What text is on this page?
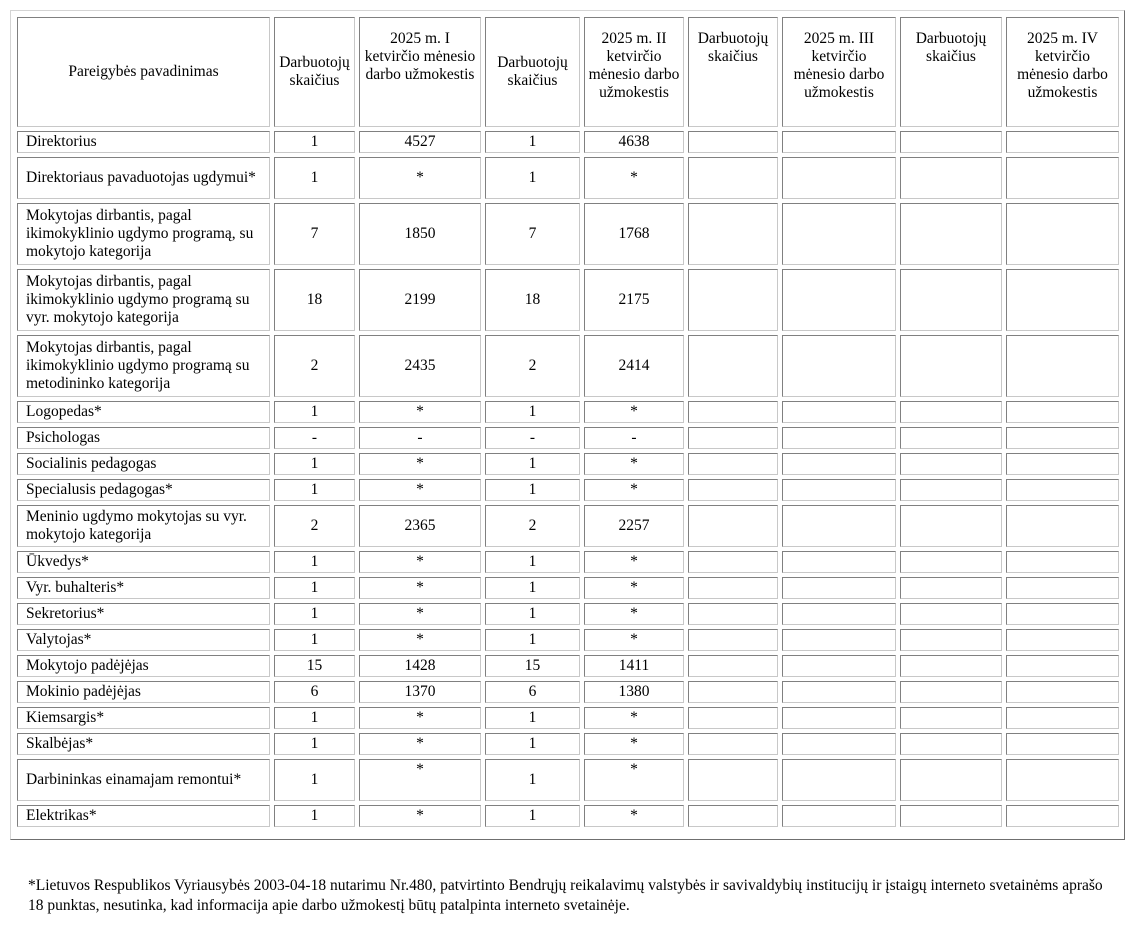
Pareigybės pavadinimas	Darbuotojų skaičius	2025 m. I ketvirčio mėnesio darbo užmokestis	Darbuotojų skaičius	2025 m. II ketvirčio mėnesio darbo užmokestis	Darbuotojų skaičius	2025 m. III ketvirčio mėnesio darbo užmokestis	Darbuotojų skaičius	2025 m. IV ketvirčio mėnesio darbo užmokestis
Direktorius	1	4527	1	4638				
Direktoriaus pavaduotojas ugdymui*	1	*	1	*				
Mokytojas dirbantis, pagal ikimokyklinio ugdymo programą, su mokytojo kategorija	7	1850	7	1768				
Mokytojas dirbantis, pagal ikimokyklinio ugdymo programą su vyr. mokytojo kategorija	18	2199	18	2175				
Mokytojas dirbantis, pagal ikimokyklinio ugdymo programą su metodininko kategorija	2	2435	2	2414				
Logopedas*	1	*	1	*				
Psichologas	-	-	-	-				
Socialinis pedagogas	1	*	1	*				
Specialusis pedagogas*	1	*	1	*				
Meninio ugdymo mokytojas su vyr. mokytojo kategorija	2	2365	2	2257				
Ūkvedys*	1	*	1	*				
Vyr. buhalteris*	1	*	1	*				
Sekretorius*	1	*	1	*				
Valytojas*	1	*	1	*				
Mokytojo padėjėjas	15	1428	15	1411				
Mokinio padėjėjas	6	1370	6	1380				
Kiemsargis*	1	*	1	*				
Skalbėjas*	1	*	1	*				
Darbininkas einamajam remontui*	1	*	1	*				
Elektrikas*	1	*	1	*				
*Lietuvos Respublikos Vyriausybės 2003-04-18 nutarimu Nr.480, patvirtinto Bendrųjų reikalavimų valstybės ir savivaldybių institucijų ir įstaigų interneto svetainėms aprašo 18 punktas, nesutinka, kad informacija apie darbo užmokestį būtų patalpinta interneto svetainėje.
